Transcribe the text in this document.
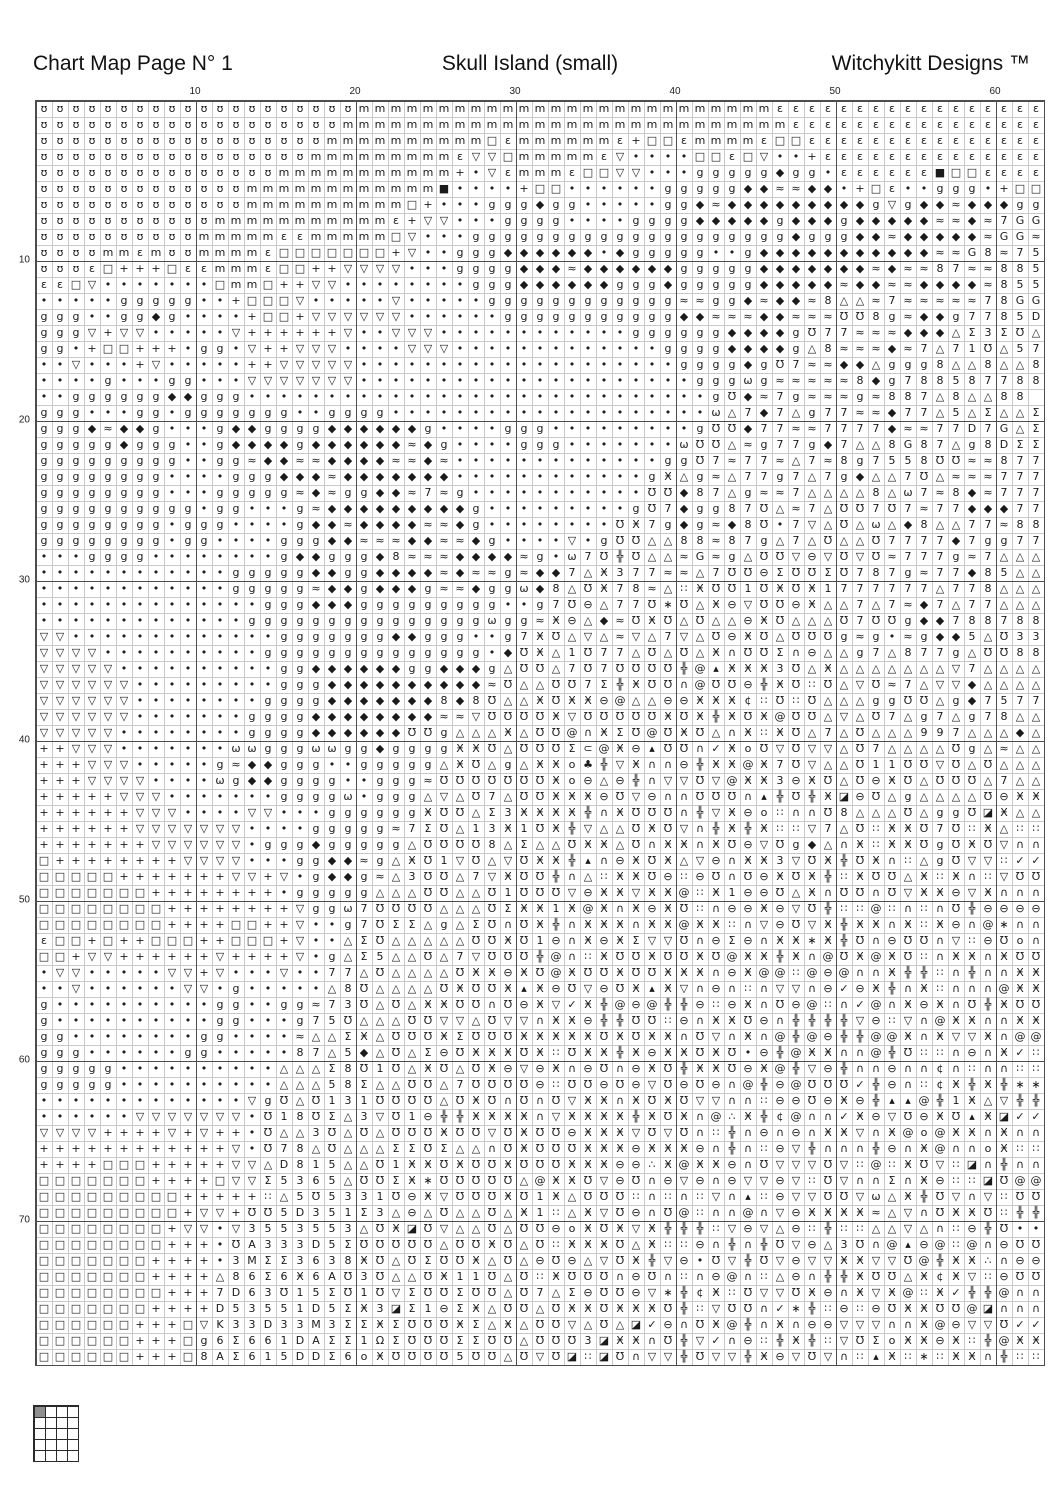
Chart Map Page N° 1	Skull Island (small)	Witchykitt Designs ™
ʊ ʊ ʊ ʊ ʊ ʊ ʊ ʊ ʊ ʊ ʊ ʊ ʊ ʊ ʊ ʊ ʊ ʊ ʊ ʊ m m m m m m m m m m m m m m m m m m m m m m m m m m ɛ ɛ ɛ ɛ ɛ ɛ ɛ ɛ ɛ ɛ ɛ ɛ ɛ ɛ ɛ ɛ ɛ
ʊ ʊ ʊ ʊ ʊ ʊ ʊ ʊ ʊ ʊ ʊ ʊ ʊ ʊ ʊ ʊ ʊ ʊ ʊ m m m m m m m m m m m m m m m m m m m m m m m m m m m m ɛ ɛ ɛ ɛ ɛ ɛ ɛ ɛ ɛ ɛ ɛ ɛ ɛ ɛ ɛ ɛ
ʊ ʊ ʊ ʊ ʊ ʊ ʊ ʊ ʊ ʊ ʊ ʊ ʊ ʊ ʊ ʊ ʊ ʊ m m m m m m m m m m □ ɛ m m m m m m ɛ + □ □ ɛ m m m m ɛ □ □ ɛ ɛ ɛ ɛ ɛ ɛ ɛ ɛ ɛ ɛ ɛ ɛ ɛ ɛ ɛ
ʊ ʊ ʊ ʊ ʊ ʊ ʊ ʊ ʊ ʊ ʊ ʊ ʊ ʊ ʊ ʊ ʊ m m m m m m m m m ɛ ▽ ▽ □ m m m m m ɛ ▽ • • • • □ □ ɛ □ ▽ • • + ɛ ɛ ɛ ɛ ɛ ɛ ɛ ɛ ɛ ɛ ɛ ɛ ɛ ɛ
ʊ ʊ ʊ ʊ ʊ ʊ ʊ ʊ ʊ ʊ ʊ ʊ ʊ ʊ ʊ m m m m m m m m m m m + • ▽ ɛ m m m ɛ □ □ ▽ ▽ • • • g g g g g ◆ g g • ɛ ɛ ɛ ɛ ɛ ɛ ■ □ □ ɛ ɛ ɛ ɛ
ʊ ʊ ʊ ʊ ʊ ʊ ʊ ʊ ʊ ʊ ʊ ʊ ʊ m m m m m m m m m m m m ■ • • • • + □ □ • • • • • • g g g g g ◆ ◆ ≈ ≈ ◆ ◆ • + □ ɛ • • g g g • + □ □
ʊ ʊ ʊ ʊ ʊ ʊ ʊ ʊ ʊ ʊ ʊ ʊ ʊ m m m m m m m m m m □ + • • • g g g ◆ g g • • • • • g g ◆ ≈ ◆ ◆ ◆ ◆ ◆ ◆ ◆ ◆ ◆ g ▽ g ◆ ◆ ≈ ◆ ◆ ◆ g g
ʊ ʊ ʊ ʊ ʊ ʊ ʊ ʊ ʊ ʊ ʊ m m m m m m m m m m m ɛ + ▽ ▽ • • • g g g g • • • • g g g g ◆ ◆ ◆ ◆ ◆ g ◆ ◆ ◆ g ◆ ◆ ◆ ◆ ◆ ≈ ≈ ◆ ≈ 7 G G
ʊ ʊ ʊ ʊ ʊ ʊ ʊ ʊ ʊ ʊ m m m m m ɛ ɛ m m m m m □ ▽ • • • g g g g g g g g g g g g g g g g g g g g ◆ g g g ◆ ◆ ≈ ◆ ◆ ◆ ◆ ◆ ≈ G G ≈
ʊ ʊ ʊ ʊ m m ɛ m ʊ ʊ m m m m ɛ □ □ □ □ □ □ □ + ▽ • • g g g ◆ ◆ ◆ ◆ ◆ ◆ • ◆ g g g g g • • g ◆ ◆ ◆ ◆ ◆ ◆ ◆ ◆ ◆ ◆ ◆ ≈ ≈ G 8 ≈ 7 5
ʊ ʊ ʊ ɛ □ + + + □ ɛ ɛ m m m ɛ □ □ + + ▽ ▽ ▽ ▽ • • • g g g g ◆ ◆ ◆ ≈ ◆ ◆ ◆ ◆ ◆ ◆ g g g g g ◆ ◆ ◆ ◆ ◆ ◆ ◆ ≈ ◆ ≈ ≈ 8 7 ≈ ≈ 8 8 5
ɛ ɛ □ ▽ • • • • • • • □ m m □ + + ▽ ▽ • • • • • • • • g g g ◆ ◆ ◆ ◆ ◆ ◆ g g g ◆ g g g g g ◆ ◆ ◆ ◆ ◆ ≈ ◆ ◆ ≈ ≈ ◆ ◆ ◆ ◆ ≈ 8 5 5
• • • • • g g g g g • • + □ □ □ ▽ • • • • • ▽ • • • • • g g g g g g g g g g g g ≈ ≈ g g ◆ ≈ ◆ ◆ ≈ 8 △ △ ≈ 7 ≈ ≈ ≈ ≈ ≈ 7 8 G G
g g g • • g g ◆ g • • • • + □ □ + ▽ ▽ ▽ ▽ ▽ ▽ • • • • • • g g g g g g g g g g g ◆ ◆ ≈ ≈ ≈ ◆ ◆ ≈ ≈ ≈ Ʊ Ʊ 8 g ≈ ◆ ◆ g 7 7 8 5 D
g g g ▽ + ▽ ▽ • • • • • ▽ + + + + + + ▽ • • ▽ ▽ ▽ • • • • • • • • • • • • g g g g g g ◆ ◆ ◆ ◆ g Ʊ 7 7 ≈ ≈ ≈ ◆ ◆ ◆ △ Σ 3 Σ Ʊ △
g g • + □ □ + + + • g g • ▽ + + ▽ ▽ ▽ • • • • ▽ ▽ ▽ • • • • • • • • • • • • • g g g g ◆ ◆ ◆ ◆ g △ 8 ≈ ≈ ≈ ◆ ≈ 7 △ 7 1 Ʊ △ 5 7
• • ▽ • • • + ▽ • • • • • + + ▽ ▽ ▽ ▽ ▽ • • • • • • • • • • • • • • • • • • • • g g g g ◆ g Ʊ 7 ≈ ≈ ◆ ◆ △ g g g 8 △ △ 8 △ △ 8
• • • • g • • • g g • • • ▽ ▽ ▽ ▽ ▽ ▽ ▽ • • • • • • • • • • • • • • • • • • • • • g g g ω g ≈ ≈ ≈ ≈ ≈ 8 ◆ g 7 8 8 5 8 7 7 8 8
• • g g g g g g ◆ ◆ g g g • • • • • • • • • • • • • • • • • • • • • • • • • • • • • g Ʊ ◆ ≈ 7 g ≈ ≈ ≈ g ≈ 8 8 7 △ 8 △ △ 8 8
g g g • • • g g • g g g g g g g • • g g g g • • • • • • • • • • • • • • • • • • • • ω △ 7 ◆ 7 △ g 7 7 ≈ ≈ ◆ 7 7 △ 5 △ Σ △ △ Σ
g g g ◆ ≈ ◆ ◆ g • • • g ◆ ◆ g g g g ◆ ◆ ◆ ◆ ◆ ◆ g • • • • g g g • • • • • • • • • g Ʊ Ʊ ◆ 7 7 ≈ ≈ 7 7 7 7 ◆ ≈ ≈ 7 7 D 7 G △ Σ
g g g g g ◆ g g g • • g ◆ ◆ ◆ ◆ g ◆ ◆ ◆ ◆ ◆ ◆ ≈ ◆ g • • • • g g g • • • • • • • ω Ʊ Ʊ △ ≈ g 7 7 g ◆ 7 △ △ 8 G 8 7 △ g 8 D Σ Σ
g g g g g g g g g • • g g ≈ ◆ ◆ ≈ ≈ ◆ ◆ ◆ ◆ ≈ ≈ ◆ ≈ • • • • • • • • • • • • • g g Ʊ 7 ≈ 7 7 ≈ △ 7 ≈ 8 g 7 5 5 8 Ʊ Ʊ ≈ ≈ 8 7 7
g g g g g g g g • • • • g g g ◆ ◆ ◆ ≈ ◆ ◆ ◆ ◆ ◆ ◆ ◆ • • • • • • • • • • • • g Ӿ △ g ≈ △ 7 7 g 7 △ 7 g ◆ △ △ 7 Ʊ △ ≈ ≈ ≈ 7 7 7
g g g g g g g g • • • g g g g g ≈ ◆ ≈ g g ◆ ◆ ≈ 7 ≈ g • • • • • • • • • • • Ʊ Ʊ ◆ 8 7 △ g ≈ ≈ 7 △ △ △ △ 8 △ ω 7 ≈ 8 ◆ ≈ 7 7 7
g g g g g g g g g g • g g • • • g ≈ ◆ ◆ ◆ ◆ ◆ ◆ ◆ ◆ ◆ g • • • • • • • • • g Ʊ 7 ◆ g g 8 7 Ʊ △ ≈ 7 △ Ʊ Ʊ 7 Ʊ 7 ≈ 7 7 ◆ ◆ ◆ 7 7
g g g g g g g g • g g g • • • • g ◆ ◆ ≈ ◆ ◆ ◆ ◆ ≈ ≈ ◆ g • • • • • • • • Ʊ Ӿ 7 g ◆ g ≈ ◆ 8 Ʊ • 7 ▽ △ Ʊ △ ω △ ◆ 8 △ △ 7 7 ≈ 8 8
g g g g g g g g • g g • • • • g g g ◆ ◆ ≈ ≈ ≈ ◆ ◆ ≈ ≈ ◆ g • • • • ▽ • g Ʊ Ʊ △ △ 8 8 ≈ 8 7 g △ 7 △ Ʊ △ △ Ʊ 7 7 7 7 ◆ 7 g g 7 7
• • • g g g g • • • • • • • • g ◆ ◆ g g g ◆ 8 ≈ ≈ ≈ ◆ ◆ ◆ ◆ ≈ g • ω 7 Ʊ ╬ Ʊ △ △ ≈ G ≈ g △ Ʊ Ʊ ▽ ⊖ ▽ Ʊ ▽ Ʊ ≈ 7 7 7 g ≈ 7 △ △ △
• • • • • • • • • • • • g g g g g ◆ ◆ g g ◆ ◆ ◆ ◆ ≈ ◆ ≈ ≈ g ≈ ◆ ◆ 7 △ Ӿ 3 7 7 ≈ ≈ △ 7 Ʊ Ʊ ⊖ Σ Ʊ Ʊ Σ Ʊ 7 8 7 g ≈ 7 7 ◆ 8 5 △ △
• • • • • • • • • • • • g g g g g ≈ ◆ ◆ g ◆ ◆ ◆ g ≈ ≈ ◆ g g ω ◆ 8 △ Ʊ Ӿ 7 8 ≈ △ ∷ Ӿ Ʊ Ʊ 1 Ʊ Ӿ Ʊ Ӿ 1 7 7 7 7 7 7 △ 7 7 8 △ △ △
• • • • • • • • • • • • • • g g g ◆ ◆ ◆ g g g g g g g g g • • g 7 Ʊ ⊖ △ 7 7 Ʊ ∗ Ʊ △ Ӿ ⊖ ▽ Ʊ Ʊ ⊖ Ӿ △ △ 7 △ 7 ≈ ◆ 7 △ 7 7 △ △ △
• • • • • • • • • • • • • g g g g g g g g g g g g g g g ω g g ≈ Ӿ ⊖ △ ◆ ≈ Ʊ Ӿ Ʊ △ Ʊ △ △ ⊖ Ӿ Ʊ △ △ △ Ʊ 7 Ʊ Ʊ g ◆ ◆ 7 8 8 7 8 8
▽ ▽ • • • • • • • • • • • • • g g g g g g g ◆ ◆ g g g • • g 7 Ӿ Ʊ △ ▽ △ ≈ ▽ △ 7 ▽ △ Ʊ ⊖ Ӿ Ʊ △ Ʊ Ʊ Ʊ g ≈ g • ≈ g ◆ ◆ 5 △ Ʊ 3 3
▽ ▽ ▽ ▽ • • • • • • • • • • g g g g g g g g g g g g g g • ◆ Ʊ Ӿ △ 1 Ʊ 7 7 △ Ʊ △ Ʊ △ Ӿ ∩ Ʊ Ʊ Σ ∩ ⊖ △ △ g 7 △ 8 7 7 g △ Ʊ Ʊ 8 8
▽ ▽ ▽ ▽ ▽ • • • • • • • • • • g g ◆ ◆ ◆ ◆ ◆ ◆ g g ◆ ◆ ◆ g △ Ʊ Ʊ △ 7 Ʊ 7 Ʊ Ʊ Ʊ Ʊ ╬ @ ▴ Ӿ Ӿ Ӿ 3 Ʊ △ Ӿ △ △ △ △ △ △ △ ▽ 7 △ △ △ △
▽ ▽ ▽ ▽ ▽ ▽ • • • • • • • • • g g g ◆ ◆ ◆ ◆ ◆ ◆ ◆ ◆ ◆ ◆ ≈ Ʊ △ △ Ʊ Ʊ 7 Σ ╬ Ӿ Ʊ Ʊ ∩ @ Ʊ Ʊ ⊖ ╬ Ӿ Ʊ ∷ Ʊ △ ▽ Ʊ ≈ 7 △ ▽ ▽ ◆ △ △ △ △
▽ ▽ ▽ ▽ ▽ ▽ • • • • • • • • g g g g ◆ ◆ ◆ ◆ ◆ ◆ ◆ 8 ◆ 8 Ʊ △ △ Ӿ Ʊ Ӿ Ӿ ⊖ @ △ △ ⊖ ⊖ Ӿ Ӿ Ӿ ¢ ∷ Ʊ ∷ Ʊ △ △ △ g g Ʊ Ʊ △ g ◆ 7 5 7 7
▽ ▽ ▽ ▽ ▽ ▽ • • • • • • • g g g g ◆ ◆ ◆ ◆ ◆ ◆ ◆ ◆ ≈ ≈ ▽ Ʊ Ʊ Ʊ Ʊ Ӿ ▽ Ʊ Ʊ Ʊ Ʊ Ʊ Ӿ Ʊ Ӿ ╬ Ӿ Ʊ Ӿ @ Ʊ Ʊ △ ▽ △ Ʊ 7 △ g 7 △ g 7 8 △ △
▽ ▽ ▽ ▽ ▽ • • • • • • • • g g g g ◆ ◆ ◆ ◆ ◆ ◆ Ʊ Ʊ g △ △ △ Ӿ △ Ʊ Ʊ @ ∩ Ӿ Σ Ʊ @ Ʊ Ӿ Ʊ △ ∩ Ӿ ∷ Ӿ Ʊ △ 7 △ Ʊ △ △ △ 9 9 7 △ △ △ ◆ △
+ + ▽ ▽ ▽ • • • • • • • ω ω g g g ω ω g g ◆ g g g g Ӿ Ӿ Ʊ △ Ʊ Ʊ Ʊ Σ ⊂ @ Ӿ ⊖ ▴ Ʊ Ʊ ∩ ✓ Ӿ o Ʊ ▽ Ʊ ▽ ▽ △ Ʊ 7 △ △ △ △ Ʊ g △ ≈ △ △
+ + + ▽ ▽ ▽ • • • • • g ≈ ◆ ◆ g g g • • g g g g g △ Ӿ Ʊ △ g △ Ӿ Ӿ o ♣ ╬ ▽ Ӿ ∩ ∩ ⊖ ╬ Ӿ Ӿ @ Ӿ 7 Ʊ ▽ △ △ Ʊ 1 1 Ʊ Ʊ ▽ Ʊ △ Ʊ △ △ △
+ + + ▽ ▽ ▽ ▽ • • • • ω g ◆ ◆ g g g g • • g g g ≈ Ʊ Ʊ Ʊ Ʊ Ʊ Ʊ Ʊ Ӿ o ⊖ △ ⊖ ╬ ∩ ▽ ▽ Ʊ ▽ @ Ӿ Ӿ 3 ⊖ Ӿ Ʊ △ Ʊ ⊖ Ӿ Ʊ △ Ʊ Ʊ Ʊ △ 7 △ △
+ + + + + ▽ ▽ ▽ • • • • • • • g g g g ω • g g g △ ▽ △ Ʊ 7 △ Ʊ Ʊ Ӿ Ӿ Ӿ ⊖ Ʊ ▽ ⊖ ∩ ∩ Ʊ Ʊ Ʊ ∩ ▴ ╬ Ʊ ╬ Ӿ ◪ ⊖ Ʊ △ g △ △ △ △ Ʊ ⊖ Ӿ Ӿ
+ + + + + + ▽ ▽ ▽ • • • • ▽ ▽ • • • g g g g g g Ӿ Ʊ Ʊ △ Σ 3 Ӿ Ӿ Ӿ Ӿ ╬ ∩ Ӿ Ʊ Ʊ Ʊ ∩ ╬ ▽ Ӿ ⊖ o ∷ ∩ ∩ Ʊ 8 △ △ △ Ʊ △ g g Ʊ ◪ Ӿ △ △
+ + + + + + ▽ ▽ ▽ ▽ ▽ ▽ ▽ • • • • g g g g g ≈ 7 Σ Ʊ △ 1 3 Ӿ 1 Ʊ Ӿ ╬ ▽ △ △ Ʊ Ӿ Ʊ ▽ ∩ ╬ Ӿ ╬ Ӿ ∷ ∷ ▽ 7 △ Ʊ ∷ Ӿ Ӿ Ʊ 7 Ʊ ∷ Ӿ △ ∷ ∷
+ + + + + + + ▽ ▽ ▽ ▽ ▽ ▽ • g g g ◆ g g g g g △ Ʊ Ʊ Ʊ Ʊ 8 △ Σ △ △ Ʊ Ӿ Ӿ △ Ʊ ∩ Ӿ Ӿ ∩ Ӿ Ʊ ⊖ ▽ Ʊ g ◆ △ ∩ Ӿ ∷ Ӿ Ӿ Ʊ g Ʊ Ӿ Ʊ ▽ ∩ ∩
□ + + + + + + + + ▽ ▽ ▽ ▽ • • • g g ◆ ◆ ≈ g △ Ӿ Ʊ 1 ▽ Ʊ △ ▽ Ʊ Ӿ Ӿ ╬ ▴ ∩ ⊖ Ӿ Ʊ Ӿ △ ▽ ⊖ ∩ Ӿ Ӿ 3 ▽ Ʊ Ӿ ╬ Ʊ Ӿ ∩ ∷ △ g Ʊ ▽ ▽ ∷ ✓ ✓
□ □ □ □ □ + + + + + + + ▽ ▽ + ▽ • g ◆ ◆ g ≈ △ 3 Ʊ Ʊ △ 7 ▽ Ӿ Ʊ Ʊ ╬ ∩ △ ∷ Ӿ Ӿ Ʊ ⊖ ∷ ⊖ Ʊ ∩ Ʊ ⊖ Ӿ Ʊ Ӿ ╬ ∷ Ӿ Ʊ Ʊ △ Ӿ ∷ Ӿ ∩ ∷ ▽ Ʊ Ʊ
□ □ □ □ □ □ □ + + + + + + + + • g g g g g △ △ △ Ʊ Ʊ △ △ Ʊ 1 Ʊ Ʊ Ʊ ▽ ⊖ Ӿ Ӿ ▽ Ӿ Ӿ @ ∷ Ӿ 1 ⊖ ⊖ Ʊ △ Ӿ ∩ Ʊ Ʊ ∩ Ʊ ▽ Ӿ Ӿ ⊖ ▽ Ӿ ∩ ∩ ∩
□ □ □ □ □ □ □ □ + + + + + + + + ▽ g g ω 7 Ʊ Ʊ Ʊ Ʊ △ △ △ Ʊ Σ Ӿ Ӿ 1 Ӿ @ Ӿ ∩ Ӿ ⊖ Ӿ Ʊ ∷ ∩ ⊖ ⊖ Ӿ ⊖ ▽ Ʊ ╬ ∷ ∷ @ ∷ ∩ ∷ ∩ Ʊ ╬ ⊖ ⊖ ⊖ ⊖
□ □ □ □ □ □ □ □ + + + + □ □ + + ▽ • • g 7 Ʊ Σ Σ △ g △ Σ Ʊ ∩ Ʊ Ӿ ╬ ∩ Ӿ Ӿ Ӿ ∩ Ӿ Ӿ @ Ӿ Ӿ ∷ ∩ ▽ ⊖ Ʊ ▽ Ӿ ╬ Ӿ Ӿ ∩ Ӿ ∷ Ӿ ⊖ ∩ @ ∗ ∩ ∩
ɛ □ □ + □ + + □ □ □ + + □ □ □ + ▽ • • △ Σ Ʊ △ △ △ △ △ Ʊ Ʊ Ӿ Ʊ 1 ⊖ ∩ Ӿ ⊖ Ӿ Σ ▽ ▽ Ʊ ∩ ⊖ Σ ⊖ ∩ Ӿ Ӿ ∗ Ӿ ╬ Ʊ ∩ ⊖ Ʊ Ʊ ∩ ▽ ∷ ⊖ Ʊ o ∩
□ □ + ▽ ▽ + + + + + + ▽ + + + + ▽ • g △ Σ 5 △ △ Ʊ △ 7 ▽ Ʊ Ʊ Ʊ ╬ @ ∩ ∷ Ӿ Ʊ Ʊ Ӿ Ʊ Ʊ Ӿ Ʊ @ Ӿ Ӿ ╬ Ӿ ∩ @ Ʊ Ӿ @ Ӿ Ʊ ∷ ∩ Ӿ Ӿ ∩ Ӿ Ʊ Ʊ
• ▽ ▽ • • • • • ▽ ▽ + ▽ • • • ▽ • • 7 7 △ Ʊ △ △ △ △ Ʊ Ӿ Ӿ ⊖ Ӿ Ʊ @ Ӿ Ʊ Ʊ Ӿ Ʊ Ʊ Ӿ Ӿ Ӿ ∩ ⊖ Ӿ @ @ ∷ @ ⊖ @ ∩ ∩ Ӿ ╬ ╬ ∷ ∩ ╬ ∩ ∩ Ӿ Ӿ
• • ▽ • • • • • • ▽ ▽ • g • • • • • △ 8 Ʊ △ △ △ △ Ʊ Ӿ Ʊ Ʊ Ӿ ▴ Ӿ ⊖ Ʊ ▽ ⊖ Ʊ Ӿ ▴ Ӿ ▽ ∩ ⊖ ∩ ∷ ∩ ▽ ▽ ∩ ⊖ ✓ ⊖ Ӿ ╬ ∩ Ӿ ∷ ∩ ∩ ∩ @ Ӿ Ӿ
g • • • • • • • • • • g g • • g g ≈ 7 3 Ʊ △ Ʊ △ Ӿ Ӿ Ʊ Ʊ ∩ Ʊ ⊖ Ӿ ▽ ✓ Ӿ ╬ @ ⊖ @ ╬ ╬ ⊖ ∷ ⊖ Ӿ ∩ Ʊ ⊖ @ ∷ ∩ ✓ @ ∩ Ӿ ⊖ Ӿ ∩ Ʊ ╬ Ӿ Ʊ Ʊ
g • • • • • • • • • • g g • • • g 7 5 Ʊ △ △ △ Ʊ Ʊ ▽ ▽ △ Ʊ ▽ ▽ ∩ Ӿ Ӿ ⊖ ╬ ╬ Ʊ Ʊ ∷ ⊖ ∩ Ӿ Ӿ Ʊ ⊖ ∩ ╬ ╬ ╬ ╬ ▽ ⊖ ∷ ▽ ∩ @ Ӿ Ӿ ∩ ∩ Ӿ Ӿ
g g • • • • • • • • g g • • • • ≈ △ △ Σ Ӿ △ Ʊ Ʊ Ʊ Ӿ Σ Ʊ Ʊ Ʊ Ӿ Ӿ Ӿ Ӿ Ӿ Ʊ Ӿ Ʊ Ӿ Ӿ ∩ Ʊ ▽ ∩ Ӿ ∩ @ ╬ @ ⊖ ╬ ╬ @ @ Ӿ ∩ Ӿ ▽ ▽ Ӿ ∩ @ @
g g g • • • • • • g g • • • • • 8 7 △ 5 ◆ △ Ʊ △ Σ ⊖ Ʊ Ӿ Ӿ Ӿ Ʊ Ӿ ∷ Ʊ Ӿ Ӿ ╬ Ӿ ⊖ Ӿ Ӿ Ʊ Ӿ Ʊ • ⊖ ╬ @ Ӿ Ӿ ∩ ∩ @ ╬ Ʊ ∷ ∷ ∩ ⊖ ∩ Ӿ ✓ ∷
g g g g g • • • • • • • • • • △ △ △ Σ 8 Ʊ 1 Ʊ △ Ӿ Ʊ △ Ʊ Ӿ ⊖ ▽ ⊖ Ӿ ∩ ⊖ Ʊ ∩ ⊖ Ӿ Ʊ ╬ Ӿ Ӿ Ʊ ⊖ Ӿ @ ╬ ▽ ⊖ ╬ ∩ ∩ ⊖ ∩ ∩ ¢ ∩ ∷ ∩ ∩ ∷ ∷
g g g g g • • • • • • • • • • △ △ △ 5 8 Σ △ △ Ʊ Ʊ △ 7 Ʊ Ʊ Ʊ Ʊ ⊖ ∷ Ʊ Ʊ ⊖ Ʊ ⊖ ▽ Ʊ ⊖ Ʊ ⊖ ∩ @ ╬ ⊖ @ Ʊ Ʊ Ʊ ✓ ╬ ⊖ ∩ ∷ ¢ Ӿ ╬ Ӿ ╬ ∗ ∗
• • • • • • • • • • • • • ▽ g Ʊ △ Ʊ 1 3 1 Ʊ Ʊ Ʊ Ʊ △ Ʊ Ӿ Ʊ ∩ Ʊ ∩ Ʊ ▽ Ӿ Ӿ ∩ Ӿ Ʊ Ӿ Ʊ ▽ ▽ ∩ ∩ ∷ ⊖ ⊖ Ʊ ⊖ Ӿ ⊖ ╬ ▴ ▴ @ ╬ 1 Ӿ △ ▽ ╬ ╬
• • • • • • ▽ ▽ ▽ ▽ ▽ ▽ ▽ • Ʊ 1 8 Ʊ Σ △ 3 ▽ Ʊ 1 ⊖ ╬ ╬ Ӿ Ӿ Ӿ Ӿ ∩ ▽ Ӿ Ӿ Ӿ Ӿ ╬ Ӿ Ʊ Ӿ ∩ @ ∴ Ӿ ╬ ¢ @ ∩ ∩ ✓ Ӿ ⊖ ▽ Ʊ ⊖ Ӿ Ʊ ▴ Ӿ ◪ ✓ ✓
▽ ▽ ▽ ▽ + + + + ▽ + ▽ + + • Ʊ △ △ 3 Ʊ △ Ʊ △ Ʊ Ʊ Ʊ Ӿ Ʊ Ʊ ▽ Ʊ Ӿ Ʊ Ʊ ⊖ Ӿ Ӿ Ӿ ▽ Ʊ ▽ Ʊ ∩ ∷ ╬ ∩ ⊖ ∩ ⊖ ∩ Ӿ Ӿ ▽ ∩ Ӿ @ o @ Ӿ Ӿ ∩ Ӿ ∩ ∩
+ + + + + + + + + + + + ▽ • Ʊ 7 8 △ Ʊ △ △ △ Σ Σ Ʊ Σ △ △ ∩ Ʊ Ӿ Ʊ Ʊ Ʊ Ӿ Ӿ Ӿ ⊖ Ӿ Ӿ Ӿ ⊖ ∩ ╬ ∩ ∷ ⊖ ▽ ╬ ∩ ∩ ∩ ╬ ⊖ ∩ Ӿ @ ∩ ∩ o Ӿ ∷ ∷
+ + + + □ □ □ + + + + + ▽ ▽ △ D 8 1 5 △ △ Ʊ 1 Ӿ Ӿ Ʊ Ӿ Ʊ Ʊ Ӿ Ʊ Ʊ Ʊ Ӿ Ӿ Ӿ ⊖ ⊖ ∴ Ӿ @ Ӿ Ӿ ⊖ ∩ Ʊ ▽ ▽ ▽ Ʊ ▽ ∷ @ ∷ Ӿ Ʊ ▽ ∷ ◪ ∩ ╬ ∩ ∩
□ □ □ □ □ □ □ + + + + □ ▽ ▽ Σ 5 3 6 5 △ Ʊ Ʊ Σ Ӿ ∗ Ʊ Ʊ Ʊ Ʊ Ʊ △ @ Ӿ Ӿ Ʊ ▽ ⊖ Ʊ ∩ ⊖ ▽ ⊖ ∩ ⊖ ▽ ▽ ⊖ ▽ ∷ Ʊ ▽ ∩ ∩ Σ ∩ Ӿ ⊖ ∷ ∷ ◪ Ʊ @ @
□ □ □ □ □ □ □ □ □ + + + + + ∷ △ 5 Ʊ 5 3 3 1 Ʊ ⊖ Ӿ ▽ Ʊ Ʊ Ʊ Ӿ Ʊ 1 Ӿ △ Ʊ Ʊ Ʊ ∷ ∩ ∷ ∩ ∷ ▽ ∩ ▴ ∷ ⊖ ▽ ▽ Ʊ Ʊ ▽ ω △ Ӿ ╬ Ʊ ▽ ∩ ▽ ∷ Ʊ Ʊ
□ □ □ □ □ □ □ □ □ + ▽ ▽ + Ʊ Ʊ 5 D 3 5 1 Σ 3 △ ⊖ △ Ʊ △ △ Ʊ △ Ӿ 1 ∷ △ Ӿ ▽ Ʊ ⊖ ∩ Ʊ @ ∷ ∩ ∩ @ ∩ ▽ ⊖ Ӿ Ӿ Ӿ Ӿ ≈ △ ▽ ∩ Ʊ Ӿ Ӿ Ʊ ∷ ╬ ╬
□ □ □ □ □ □ □ □ + ▽ ▽ • ▽ 3 5 5 3 5 5 3 △ Ʊ Ӿ ◪ Ʊ ▽ △ △ Ʊ △ Ʊ Ʊ ⊖ o Ӿ Ʊ Ӿ ▽ Ӿ ╬ ╬ ╬ ∷ ▽ ⊖ ▽ △ ⊖ ∷ ╬ ∷ ∷ △ △ ▽ △ ∩ ∷ ⊖ ╬ Ʊ • •
□ □ □ □ □ □ □ □ + + + • Ʊ A 3 3 3 D 5 Σ Ʊ Ʊ Ʊ Ʊ Ʊ △ Ʊ Ʊ Ӿ Ʊ △ Ʊ ∷ Ӿ Ӿ Ӿ Ʊ △ Ӿ ∷ ∷ ⊖ ∩ ╬ ∩ ╬ Ʊ ▽ ⊖ △ 3 Ʊ ∩ @ ▴ ⊖ @ ∷ @ ∩ ⊖ Ʊ Ʊ
□ □ □ □ □ □ □ + + + + • 3 M Σ Σ 3 6 3 8 Ӿ Ʊ △ Ʊ Σ Ʊ Ʊ Ӿ △ Ʊ △ ⊖ Ʊ ⊖ △ ▽ Ʊ Ӿ ╬ ▽ ⊖ • Ʊ ▽ ╬ Ʊ ▽ ⊖ ▽ ▽ Ӿ Ӿ ▽ ▽ Ʊ @ ╬ Ӿ Ӿ ∴ ∩ ⊖ ⊖
□ □ □ □ □ □ □ + + + + △ 8 6 Σ 6 Ӿ 6 A Ʊ 3 Ʊ △ △ Ʊ Ӿ 1 1 Ʊ △ Ʊ ∷ Ӿ Ʊ Ʊ Ʊ ∩ ⊖ Ʊ ∩ ∷ ∩ ⊖ @ ∩ ∷ △ ⊖ ∩ ╬ ╬ Ӿ Ʊ Ʊ △ Ӿ ¢ Ӿ ▽ ∷ ⊖ Ʊ Ʊ
□ □ □ □ □ □ □ □ + + + 7 D 6 3 Ʊ 1 5 Σ Ʊ 1 Ʊ ▽ Σ Ʊ Ʊ Σ Ʊ Ʊ △ Ʊ 7 △ Σ ⊖ Ʊ Ʊ ⊖ ▽ ∗ ╬ ¢ Ӿ ∷ Ʊ ▽ ▽ Ʊ Ӿ ⊖ ∩ Ӿ ▽ Ӿ @ ∷ Ӿ ✓ ╬ ╬ @ ∩ ∩
□ □ □ □ □ □ □ + + + + D 5 3 5 5 1 D 5 Σ Ӿ 3 ◪ Σ 1 ⊖ Σ Ӿ △ Ʊ Ʊ △ Ʊ Ӿ Ӿ Ʊ Ӿ Ӿ Ӿ Ʊ ╬ ∷ ▽ Ʊ Ʊ ∩ ✓ ∗ ╬ ∷ ⊖ ∷ ⊖ Ʊ Ӿ Ӿ Ʊ Ʊ @ ◪ ∩ ∩ ∩
□ □ □ □ □ □ + + + □ ▽ K 3 3 D 3 3 M 3 Σ Σ Ӿ Σ Ʊ Ʊ Ʊ Ӿ Σ △ Ӿ △ Ʊ Ʊ ▽ △ Ʊ △ ◪ ✓ ⊖ ∩ Ʊ Ӿ @ ╬ ∩ Ӿ ∩ ⊖ ⊖ ▽ ▽ ▽ ∩ ∩ Ӿ @ ⊖ ▽ ▽ Ʊ ✓ ✓
□ □ □ □ □ □ + + + □ g 6 Σ 6 6 1 D A Σ Σ 1 Ω Σ Ʊ Ʊ Ʊ Σ Σ Ʊ Ʊ △ Ʊ Ʊ Ʊ 3 ◪ Ӿ Ӿ ∩ Ʊ ╬ ▽ ✓ ∩ ⊖ ∷ ╬ Ӿ ╬ ∷ ▽ Ʊ Σ o Ӿ Ӿ ⊖ Ӿ ∷ ╬ @ Ӿ Ӿ
□ □ □ □ □ □ + + + □ 8 A Σ 6 1 5 D D Σ 6 o Ӿ Ʊ Ʊ Ʊ Ʊ 5 Ʊ Ʊ △ Ʊ ▽ Ʊ ◪ ∷ ◪ Ʊ ∩ ▽ ▽ ╬ Ʊ ▽ ▽ ╬ Ӿ ⊖ ▽ Ʊ ▽ ∩ ∷ ▴ Ӿ ∷ ∗ ∷ Ӿ Ӿ ∩ ╬ ∷ ∷
10	20	30	40	50	60
10
20
30
40
50
60
70
